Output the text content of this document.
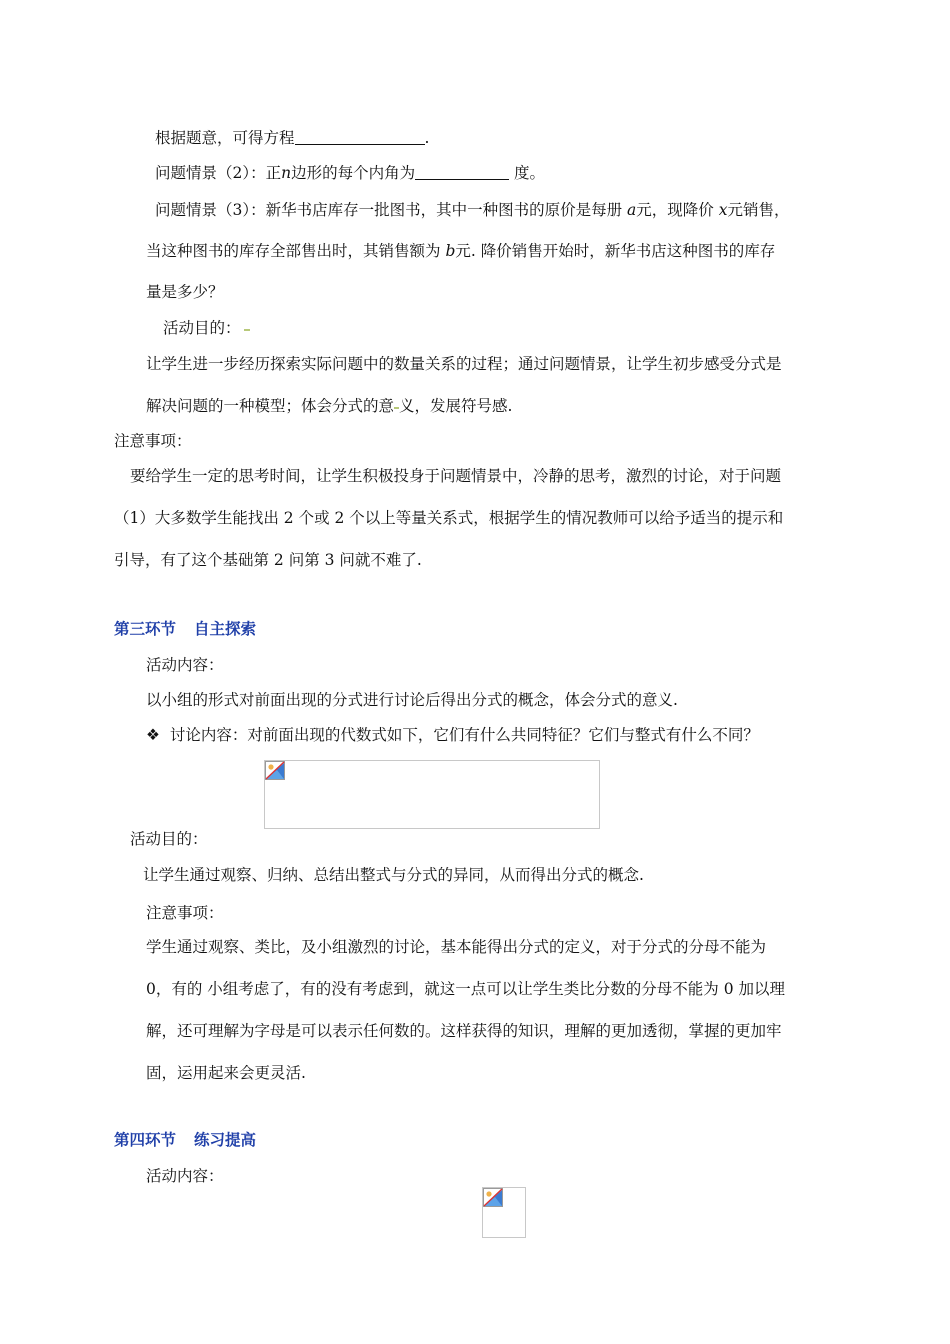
根据题意，可得方程	.
问题情景（2）：正n边形的每个内角为	度。
问题情景（3）：新华书店库存一批图书，其中一种图书的原价是每册 a元，现降价 x元销售，
当这种图书的库存全部售出时，其销售额为 b元. 降价销售开始时，新华书店这种图书的库存
量是多少？
活动目的：
让学生进一步经历探索实际问题中的数量关系的过程；通过问题情景，让学生初步感受分式是
解决问题的一种模型；体会分式的意 义，发展符号感.
注意事项：
要给学生一定的思考时间，让学生积极投身于问题情景中，冷静的思考，激烈的讨论，对于问题
（1）大多数学生能找出 2 个或 2 个以上等量关系式，根据学生的情况教师可以给予适当的提示和
引导，有了这个基础第 2 问第 3 问就不难了.
第三环节 自主探索
活动内容：
以小组的形式对前面出现的分式进行讨论后得出分式的概念，体会分式的意义.
❖ 讨论内容：对前面出现的代数式如下，它们有什么共同特征？它们与整式有什么不同？
活动目的：
让学生通过观察、归纳、总结出整式与分式的异同，从而得出分式的概念.
注意事项：
学生通过观察、类比，及小组激烈的讨论，基本能得出分式的定义，对于分式的分母不能为
0，有的 小组考虑了，有的没有考虑到，就这一点可以让学生类比分数的分母不能为 0 加以理
解，还可理解为字母是可以表示任何数的。这样获得的知识，理解的更加透彻，掌握的更加牢
固，运用起来会更灵活.
第四环节 练习提高
活动内容：
